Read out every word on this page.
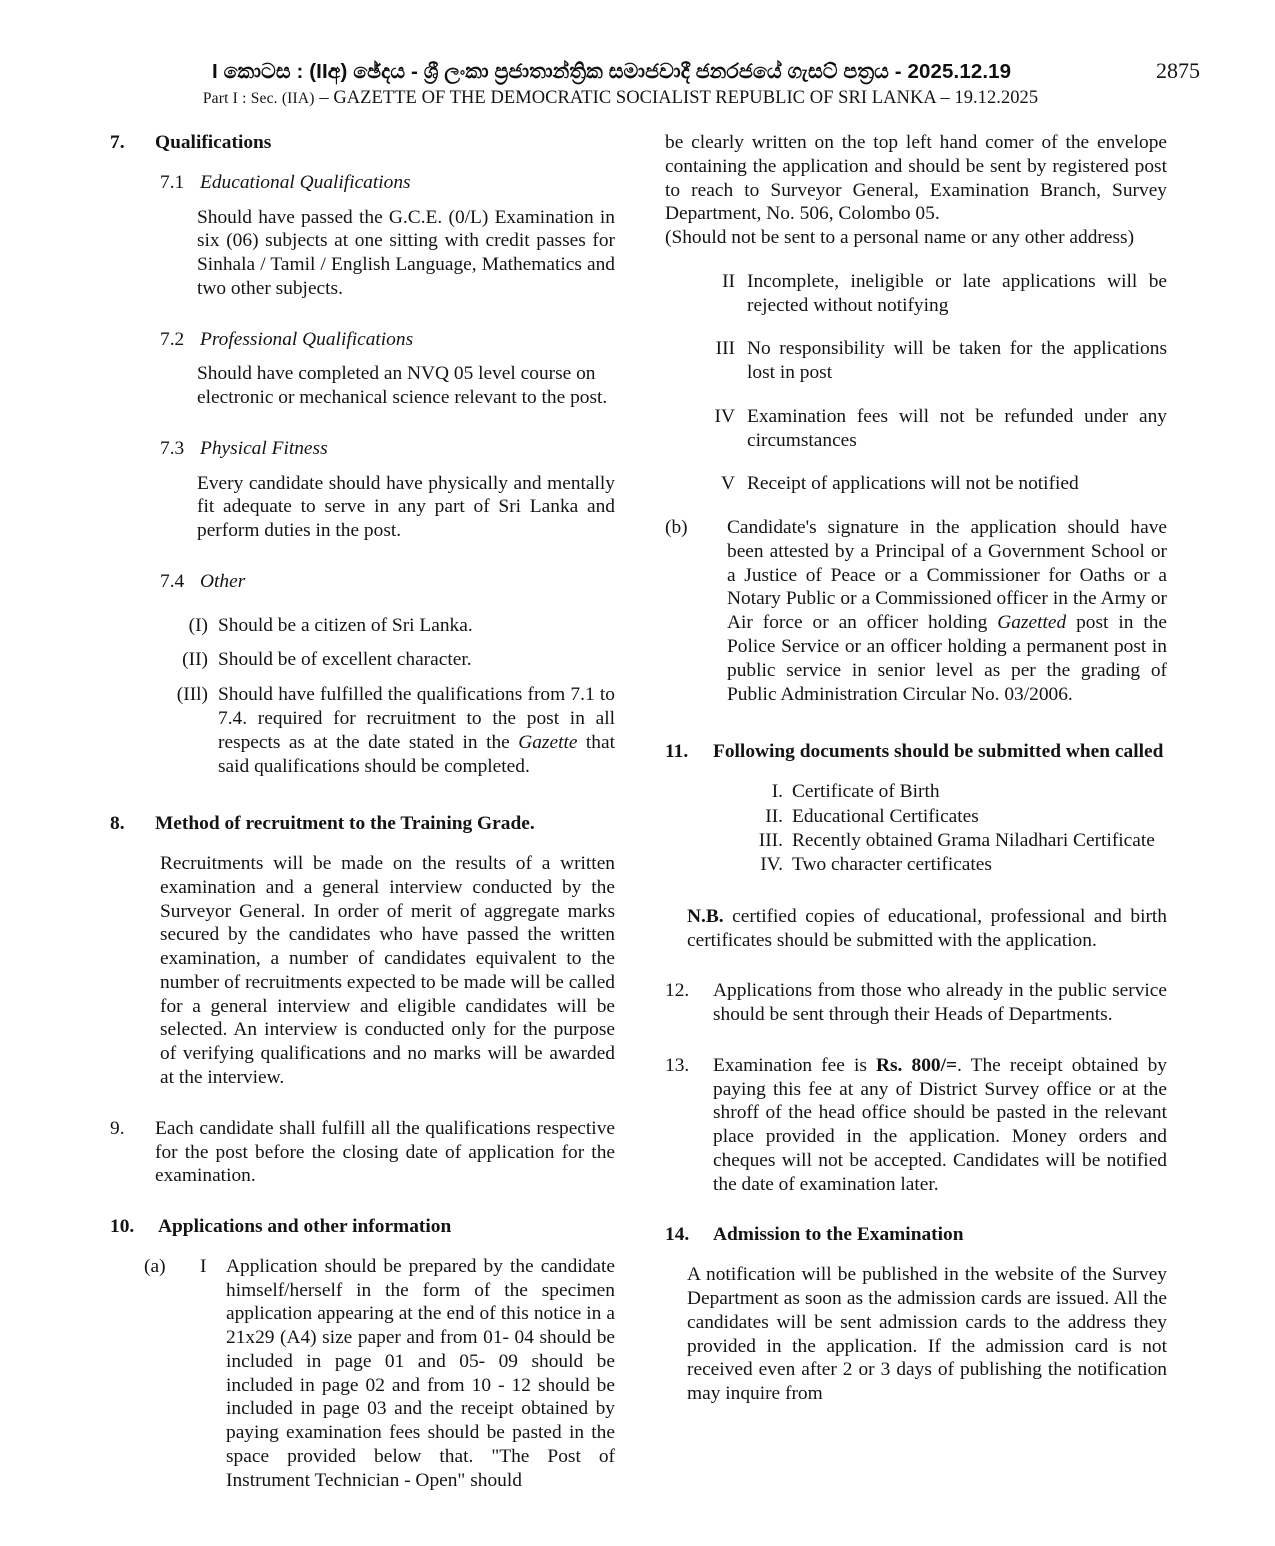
I කොටස : (IIඅ) ඡේදය - ශ්‍රී ලංකා ප්‍රජාතාන්ත්‍රික සමාජවාදී ජනරජයේ ගැසට් පත්‍රය - 2025.12.19	2875
Part I : Sec. (IIA) – GAZETTE OF THE DEMOCRATIC SOCIALIST REPUBLIC OF SRI LANKA – 19.12.2025
7.	Qualifications
7.1 Educational Qualifications

Should have passed the G.C.E. (0/L) Examination in six (06) subjects at one sitting with credit passes for Sinhala / Tamil / English Language, Mathematics and two other subjects.

7.2 Professional Qualifications

Should have completed an NVQ 05 level course on electronic or mechanical science relevant to the post.

7.3 Physical Fitness

Every candidate should have physically and mentally fit adequate to serve in any part of Sri Lanka and perform duties in the post.

7.4 Other
(I) Should be a citizen of Sri Lanka.
(II) Should be of excellent character.
(IIl) Should have fulfilled the qualifications from 7.1 to 7.4. required for recruitment to the post in all respects as at the date stated in the Gazette that said qualifications should be completed.
8.	Method of recruitment to the Training Grade.

Recruitments will be made on the results of a written examination and a general interview conducted by the Surveyor General. In order of merit of aggregate marks secured by the candidates who have passed the written examination, a number of candidates equivalent to the number of recruitments expected to be made will be called for a general interview and eligible candidates will be selected. An interview is conducted only for the purpose of verifying qualifications and no marks will be awarded at the interview.

9.	Each candidate shall fulfill all the qualifications respective for the post before the closing date of application for the examination.
10.	Applications and other information
(a)	I	Application should be prepared by the candidate himself/herself in the form of the specimen application appearing at the end of this notice in a 21x29 (A4) size paper and from 01- 04 should be included in page 01 and 05- 09 should be included in page 02 and from 10 - 12 should be included in page 03 and the receipt obtained by paying examination fees should be pasted in the space provided below that. "The Post of Instrument Technician - Open" should

be clearly written on the top left hand comer of the envelope containing the application and should be sent by registered post to reach to Surveyor General, Examination Branch, Survey Department, No. 506, Colombo 05.

(Should not be sent to a personal name or any other address)

II Incomplete, ineligible or late applications will be rejected without notifying
III No responsibility will be taken for the applications lost in post
IV Examination fees will not be refunded under any circumstances
V Receipt of applications will not be notified
(b)	Candidate's signature in the application should have been attested by a Principal of a Government School or a Justice of Peace or a Commissioner for Oaths or a Notary Public or a Commissioned officer in the Army or Air force or an officer holding Gazetted post in the Police Service or an officer holding a permanent post in public service in senior level as per the grading of Public Administration Circular No. 03/2006.
11.	Following documents should be submitted when called
I. Certificate of Birth
II. Educational Certificates
III. Recently obtained Grama Niladhari Certificate
IV. Two character certificates

N.B. certified copies of educational, professional and birth certificates should be submitted with the application.

12.	Applications from those who already in the public service should be sent through their Heads of Departments.
13.	Examination fee is Rs. 800/=. The receipt obtained by paying this fee at any of District Survey office or at the shroff of the head office should be pasted in the relevant place provided in the application. Money orders and cheques will not be accepted. Candidates will be notified the date of examination later.
14.	Admission to the Examination

A notification will be published in the website of the Survey Department as soon as the admission cards are issued. All the candidates will be sent admission cards to the address they provided in the application. If the admission card is not received even after 2 or 3 days of publishing the notification may inquire from
